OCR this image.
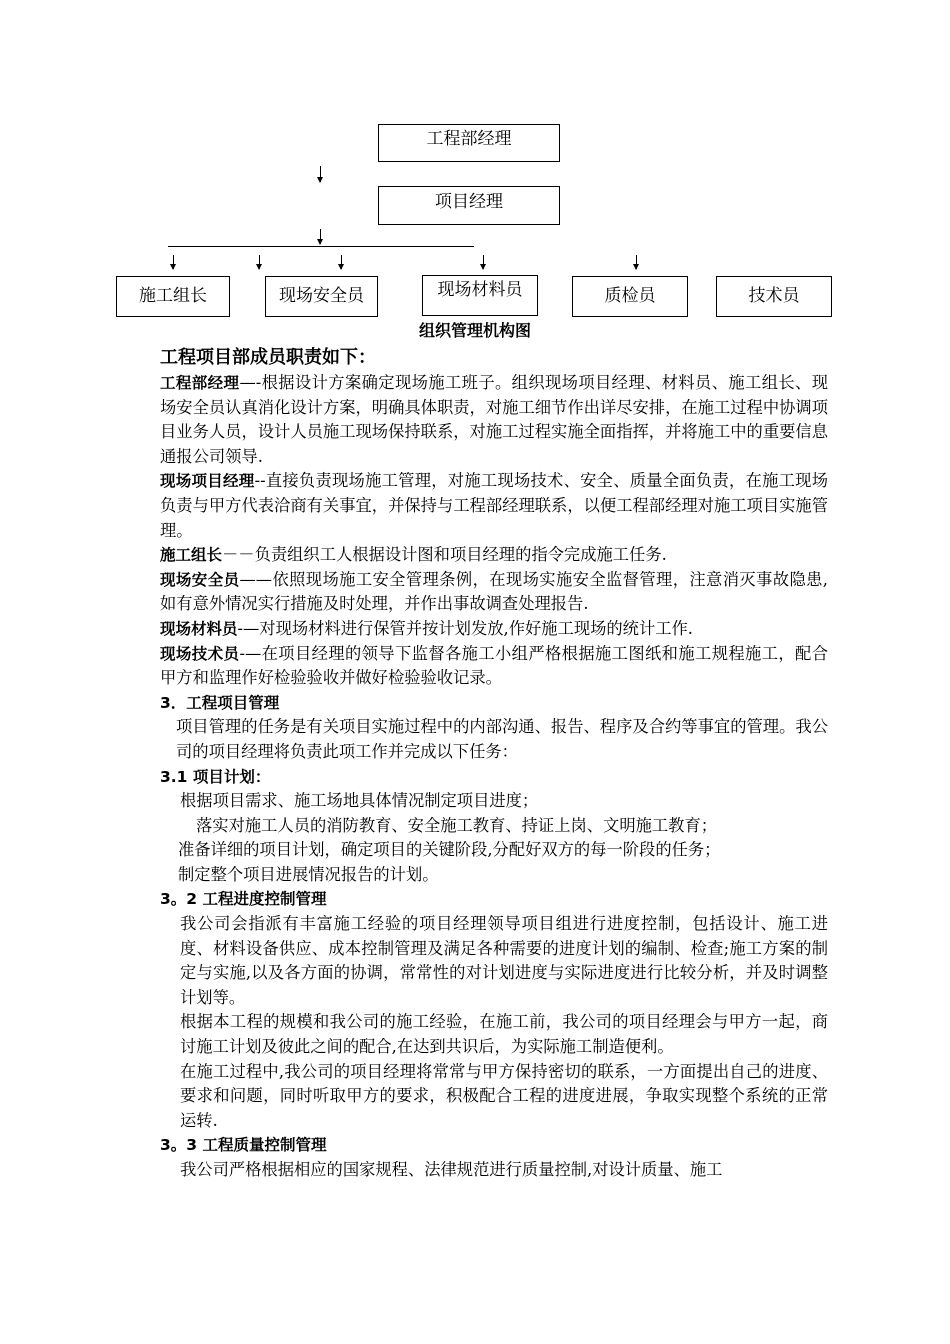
工程部经理
项目经理
施工组长	现场安全员	现场材料员	质检员	技术员
组织管理机构图

工程项目部成员职责如下：

工程部经理—-根据设计方案确定现场施工班子。组织现场项目经理、材料员、施工组长、现场安全员认真消化设计方案，明确具体职责，对施工细节作出详尽安排，在施工过程中协调项目业务人员，设计人员施工现场保持联系，对施工过程实施全面指挥，并将施工中的重要信息通报公司领导.

现场项目经理--直接负责现场施工管理，对施工现场技术、安全、质量全面负责，在施工现场负责与甲方代表洽商有关事宜，并保持与工程部经理联系，以便工程部经理对施工项目实施管理。

施工组长－－负责组织工人根据设计图和项目经理的指令完成施工任务.

现场安全员——依照现场施工安全管理条例，在现场实施安全监督管理，注意消灭事故隐患,如有意外情况实行措施及时处理，并作出事故调查处理报告.

现场材料员-—对现场材料进行保管并按计划发放,作好施工现场的统计工作.

现场技术员-—在项目经理的领导下监督各施工小组严格根据施工图纸和施工规程施工，配合甲方和监理作好检验验收并做好检验验收记录。

3．工程项目管理

项目管理的任务是有关项目实施过程中的内部沟通、报告、程序及合约等事宜的管理。我公司的项目经理将负责此项工作并完成以下任务：

3.1 项目计划：

根据项目需求、施工场地具体情况制定项目进度；

落实对施工人员的消防教育、安全施工教育、持证上岗、文明施工教育；

准备详细的项目计划，确定项目的关键阶段,分配好双方的每一阶段的任务；

制定整个项目进展情况报告的计划。

3。2 工程进度控制管理

我公司会指派有丰富施工经验的项目经理领导项目组进行进度控制，包括设计、施工进度、材料设备供应、成本控制管理及满足各种需要的进度计划的编制、检查;施工方案的制定与实施,以及各方面的协调，常常性的对计划进度与实际进度进行比较分析，并及时调整计划等。

根据本工程的规模和我公司的施工经验，在施工前，我公司的项目经理会与甲方一起，商讨施工计划及彼此之间的配合,在达到共识后，为实际施工制造便利。

在施工过程中,我公司的项目经理将常常与甲方保持密切的联系，一方面提出自己的进度、要求和问题，同时听取甲方的要求，积极配合工程的进度进展，争取实现整个系统的正常运转.

3。3 工程质量控制管理

我公司严格根据相应的国家规程、法律规范进行质量控制,对设计质量、施工
